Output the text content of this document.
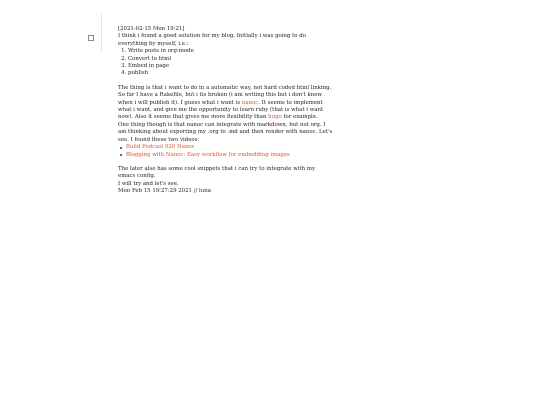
[2021-02-15 Mon 19:21]

I think i found a good solution for my blog. Initially i was going to do everything by myself, i.e.:

1. Write posts in org-mode
2. Convert to html
3. Embed in page
4. publish

The thing is that i want to do in a automatic way, not hard coded html linking. So far I have a Rakefile, but i its broken (i am writing this but i don't know when i will publish it). I guess what i want is nanoc. It seems to implement what i want, and give me the opportunity to learn ruby (that is what i want now). Also it seems that gives me more flexibility than hugo for example.

One thing though is that nanoc can integrate with markdown, but not org. I am thinking about exporting my .org to .md and then render with nanoc. Let's see. I found these two videos:

Build Podcast 020 Nanoc
Blogging with Nanoc: Easy workflow for embedding images

The later also has some cool snippets that i can try to integrate with my emacs config.

I will try and let's see.

Mon Feb 15 19:27:29 2021 // luna
